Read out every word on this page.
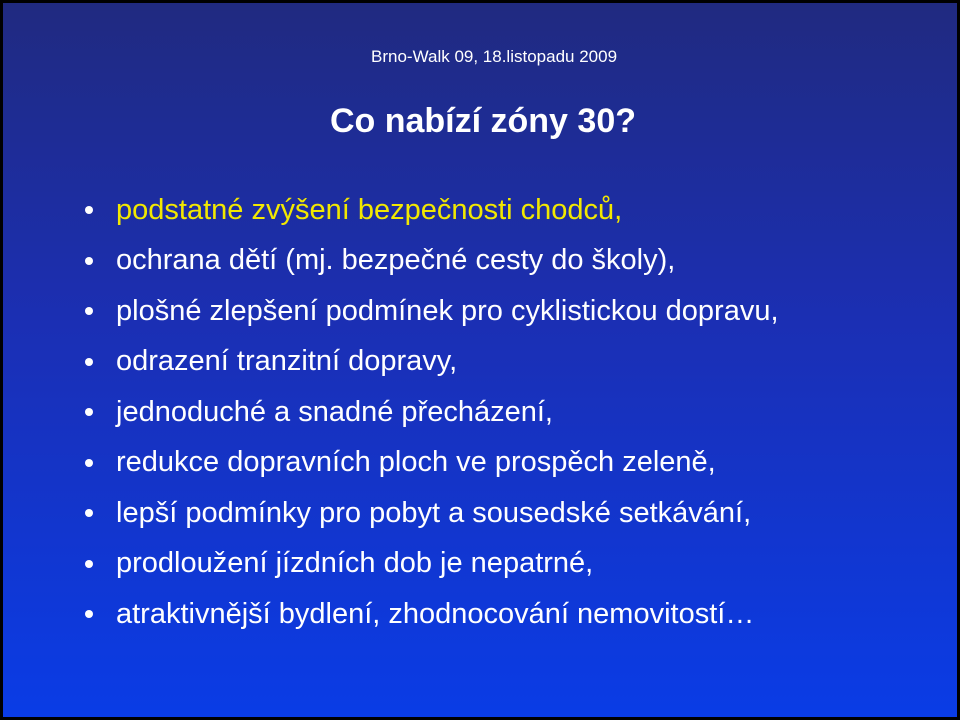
Brno-Walk 09, 18.listopadu 2009
Co nabízí zóny 30?
podstatné zvýšení bezpečnosti chodců,
ochrana dětí (mj. bezpečné cesty do školy),
plošné zlepšení podmínek pro cyklistickou dopravu,
odrazení tranzitní dopravy,
jednoduché a snadné přecházení,
redukce dopravních ploch ve prospěch zeleně,
lepší podmínky pro pobyt a sousedské setkávání,
prodloužení jízdních dob je nepatrné,
atraktivnější bydlení, zhodnocování nemovitostí…
